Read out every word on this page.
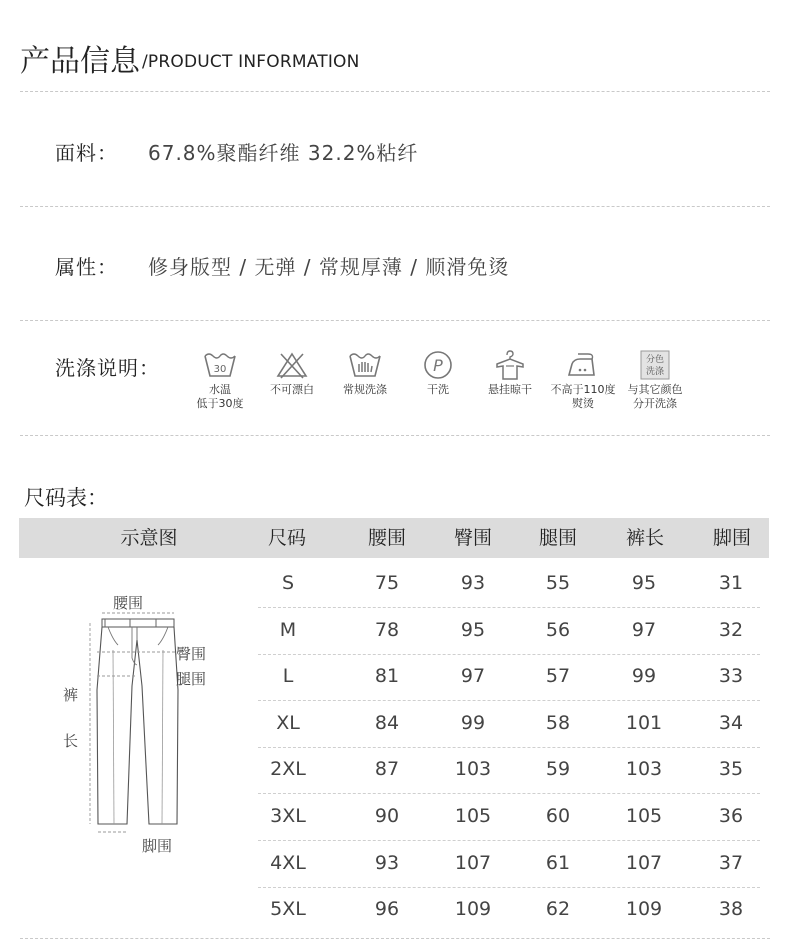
产品信息 /PRODUCT INFORMATION
面料： 67.8%聚酯纤维 32.2%粘纤
属性： 修身版型 / 无弹 / 常规厚薄 / 顺滑免烫
洗涤说明：	30
水温
低于30度
不可漂白	常规洗涤
P
干洗	悬挂晾干	不高于110度
熨烫
分色
洗涤
与其它颜色
分开洗涤
尺码表：
示意图	尺码	腰围	臀围	腿围	裤长	脚围
腰围
臀围
腿围
裤
长
脚围
S	75	93	55	95	31
M	78	95	56	97	32
L	81	97	57	99	33
XL	84	99	58	101	34
2XL	87	103	59	103	35
3XL	90	105	60	105	36
4XL	93	107	61	107	37
5XL	96	109	62	109	38
